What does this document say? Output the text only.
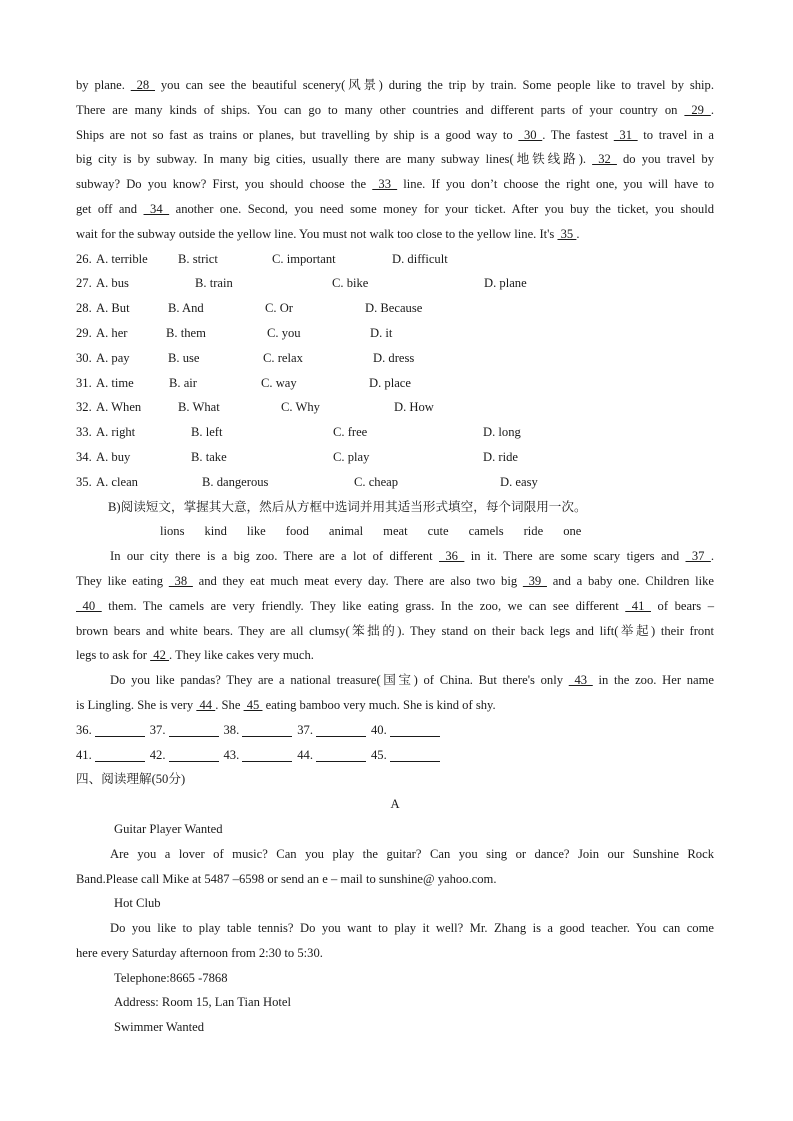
by plane.  28  you can see the beautiful scenery(风景) during the trip by train. Some people like to travel by ship.
There are many kinds of ships. You can go to many other countries and different parts of your country on  29 .
Ships are not so fast as trains or planes, but travelling by ship is a good way to  30 . The fastest  31  to travel in a
big city is by subway. In many big cities, usually there are many subway lines(地铁线路).  32  do you travel by
subway? Do you know? First, you should choose the  33  line. If you don’t choose the right one, you will have to
get off and  34  another one. Second, you need some money for your ticket. After you buy the ticket, you should
wait for the subway outside the yellow line. You must not walk too close to the yellow line. It's  35 .
26. A. terrible B. strict	C. important	D. difficult
27. A. bus	B. train	C. bike	D. plane
28. A. But	B. And	C. Or	D. Because
29. A. her	B. them	C. you	D. it
30. A. pay	B. use	C. relax	D. dress
31. A. time	B. air	C. way	D. place
32. A. When	B. What	C. Why	D. How
33. A. right	B. left	C. free	D. long
34. A. buy	B. take	C. play	D. ride
35. A. clean	B. dangerous	C. cheap	D. easy
B)阅读短文，掌握其大意，然后从方框中选词并用其适当形式填空，每个词限用一次。
lions kind like food animal meat cute camels ride one
In our city there is a big zoo. There are a lot of different  36  in it. There are some scary tigers and  37 .
They like eating  38  and they eat much meat every day. There are also two big  39  and a baby one. Children like
40  them. The camels are very friendly. They like eating grass. In the zoo, we can see different  41  of bears –
brown bears and white bears. They are all clumsy(笨拙的). They stand on their back legs and lift(举起) their front
legs to ask for  42 . They like cakes very much.
Do you like pandas? They are a national treasure(国宝) of China. But there's only  43  in the zoo. Her name
is Lingling. She is very  44 . She  45  eating bamboo very much. She is kind of shy.
36.	37.	38.	37.	40.
41.	42.	43.	44.	45.
四、阅读理解(50分)
A
Guitar Player Wanted
Are you a lover of music? Can you play the guitar? Can you sing or dance? Join our Sunshine Rock
Band.Please call Mike at 5487 –6598 or send an e – mail to sunshine@ yahoo.com.
Hot Club
Do you like to play table tennis? Do you want to play it well? Mr. Zhang is a good teacher. You can come
here every Saturday afternoon from 2:30 to 5:30.
Telephone:8665 -7868
Address: Room 15, Lan Tian Hotel
Swimmer Wanted
